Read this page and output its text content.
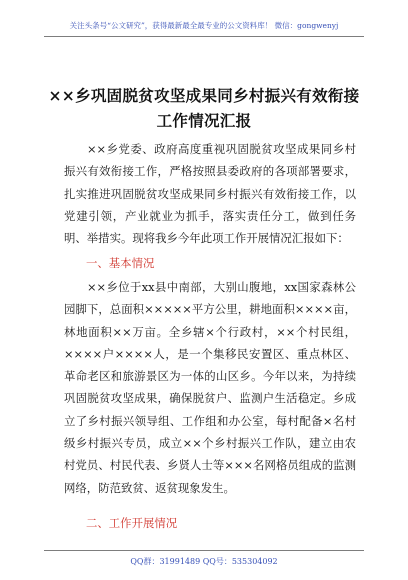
关注头条号“公文研究”，获得最新最全最专业的公文资料库！ 微信：gongwenyj
××乡巩固脱贫攻坚成果同乡村振兴有效衔接
工作情况汇报

××乡党委、政府高度重视巩固脱贫攻坚成果同乡村振兴有效衔接工作，严格按照县委政府的各项部署要求，扎实推进巩固脱贫攻坚成果同乡村振兴有效衔接工作，以党建引领，产业就业为抓手，落实责任分工，做到任务明、举措实。现将我乡今年此项工作开展情况汇报如下：

一、基本情况

××乡位于xx县中南部，大别山腹地，xx国家森林公园脚下，总面积×××××平方公里，耕地面积××××亩，林地面积××万亩。全乡辖×个行政村，××个村民组，××××户××××人，是一个集移民安置区、重点林区、革命老区和旅游景区为一体的山区乡。今年以来，为持续巩固脱贫攻坚成果，确保脱贫户、监测户生活稳定。乡成立了乡村振兴领导组、工作组和办公室，每村配备×名村级乡村振兴专员，成立××个乡村振兴工作队，建立由农村党员、村民代表、乡贤人士等×××名网格员组成的监测网络，防范致贫、返贫现象发生。

二、工作开展情况
QQ群：31991489 QQ号：535304092
